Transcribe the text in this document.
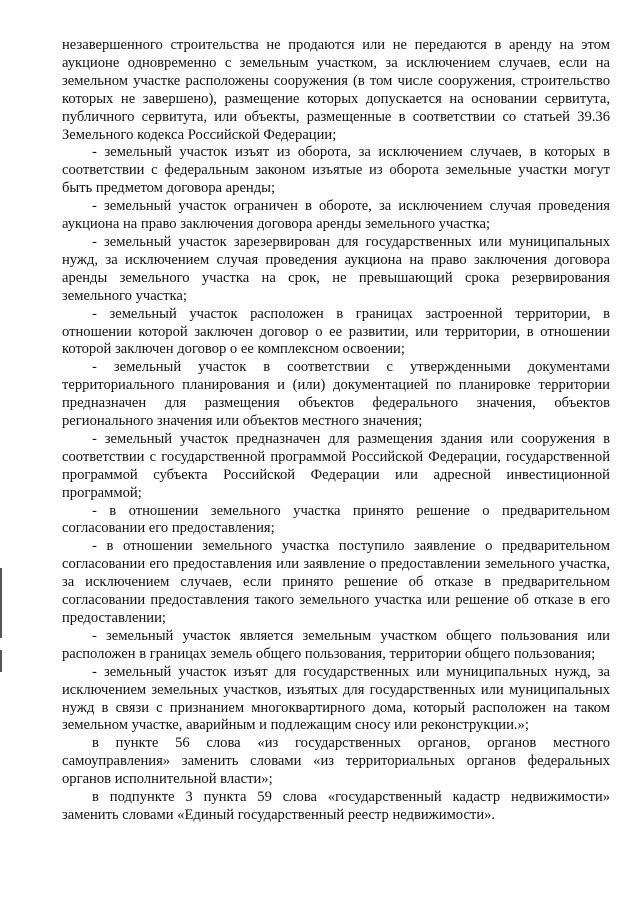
незавершенного строительства не продаются или не передаются в аренду на этом аукционе одновременно с земельным участком, за исключением случаев, если на земельном участке расположены сооружения (в том числе сооружения, строительство которых не завершено), размещение которых допускается на основании сервитута, публичного сервитута, или объекты, размещенные в соответствии со статьей 39.36 Земельного кодекса Российской Федерации;

- земельный участок изъят из оборота, за исключением случаев, в которых в соответствии с федеральным законом изъятые из оборота земельные участки могут быть предметом договора аренды;

- земельный участок ограничен в обороте, за исключением случая проведения аукциона на право заключения договора аренды земельного участка;

- земельный участок зарезервирован для государственных или муниципальных нужд, за исключением случая проведения аукциона на право заключения договора аренды земельного участка на срок, не превышающий срока резервирования земельного участка;

- земельный участок расположен в границах застроенной территории, в отношении которой заключен договор о ее развитии, или территории, в отношении которой заключен договор о ее комплексном освоении;

- земельный участок в соответствии с утвержденными документами территориального планирования и (или) документацией по планировке территории предназначен для размещения объектов федерального значения, объектов регионального значения или объектов местного значения;

- земельный участок предназначен для размещения здания или сооружения в соответствии с государственной программой Российской Федерации, государственной программой субъекта Российской Федерации или адресной инвестиционной программой;

- в отношении земельного участка принято решение о предварительном согласовании его предоставления;

- в отношении земельного участка поступило заявление о предварительном согласовании его предоставления или заявление о предоставлении земельного участка, за исключением случаев, если принято решение об отказе в предварительном согласовании предоставления такого земельного участка или решение об отказе в его предоставлении;

- земельный участок является земельным участком общего пользования или расположен в границах земель общего пользования, территории общего пользования;

- земельный участок изъят для государственных или муниципальных нужд, за исключением земельных участков, изъятых для государственных или муниципальных нужд в связи с признанием многоквартирного дома, который расположен на таком земельном участке, аварийным и подлежащим сносу или реконструкции.»;

в пункте 56 слова «из государственных органов, органов местного самоуправления» заменить словами «из территориальных органов федеральных органов исполнительной власти»;

в подпункте 3 пункта 59 слова «государственный кадастр недвижимости» заменить словами «Единый государственный реестр недвижимости».
